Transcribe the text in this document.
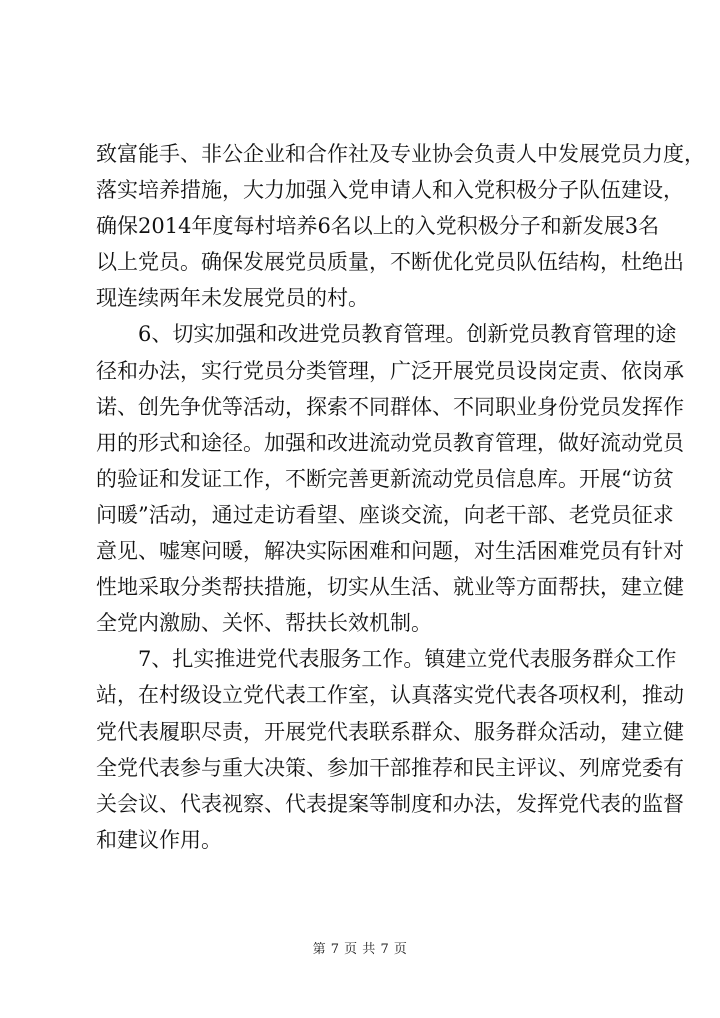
致富能手、非公企业和合作社及专业协会负责人中发展党员力度，
落实培养措施，大力加强入党申请人和入党积极分子队伍建设，
确保2014年度每村培养6名以上的入党积极分子和新发展3名
以上党员。确保发展党员质量，不断优化党员队伍结构，杜绝出
现连续两年未发展党员的村。
6、切实加强和改进党员教育管理。创新党员教育管理的途
径和办法，实行党员分类管理，广泛开展党员设岗定责、依岗承
诺、创先争优等活动，探索不同群体、不同职业身份党员发挥作
用的形式和途径。加强和改进流动党员教育管理，做好流动党员
的验证和发证工作，不断完善更新流动党员信息库。开展“访贫
问暖”活动，通过走访看望、座谈交流，向老干部、老党员征求
意见、嘘寒问暖，解决实际困难和问题，对生活困难党员有针对
性地采取分类帮扶措施，切实从生活、就业等方面帮扶，建立健
全党内激励、关怀、帮扶长效机制。
7、扎实推进党代表服务工作。镇建立党代表服务群众工作
站，在村级设立党代表工作室，认真落实党代表各项权利，推动
党代表履职尽责，开展党代表联系群众、服务群众活动，建立健
全党代表参与重大决策、参加干部推荐和民主评议、列席党委有
关会议、代表视察、代表提案等制度和办法，发挥党代表的监督
和建议作用。
第 7 页 共 7 页
